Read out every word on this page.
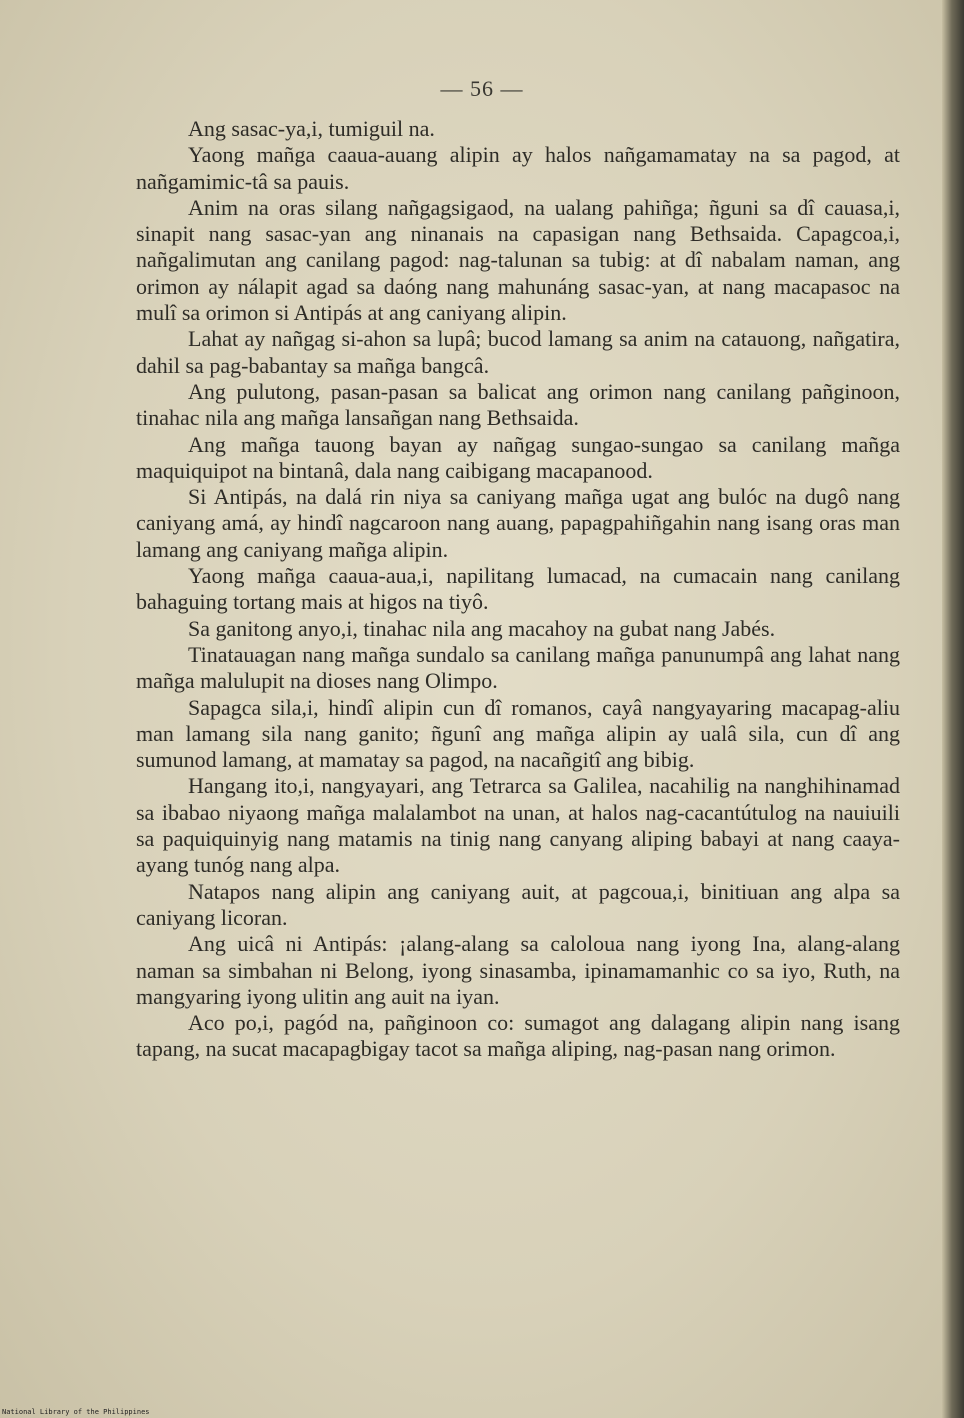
— 56 —

Ang sasac-ya,i, tumiguil na.

Yaong mañga caaua-auang alipin ay halos nañgamamatay na sa pagod, at nañgamimic-tâ sa pauis.

Anim na oras silang nañgagsigaod, na ualang pahiñga; ñguni sa dî cauasa,i, sinapit nang sasac-yan ang ninanais na capasigan nang Bethsaida. Capagcoa,i, nañgalimutan ang canilang pagod: nag-talunan sa tubig: at dî nabalam naman, ang orimon ay nálapit agad sa daóng nang mahunáng sasac-yan, at nang macapasoc na mulî sa orimon si Antipás at ang caniyang alipin.

Lahat ay nañgag si-ahon sa lupâ; bucod lamang sa anim na catauong, nañgatira, dahil sa pag-babantay sa mañga bangcâ.

Ang pulutong, pasan-pasan sa balicat ang orimon nang canilang pañginoon, tinahac nila ang mañga lansañgan nang Bethsaida.

Ang mañga tauong bayan ay nañgag sungao-sungao sa canilang mañga maquiquipot na bintanâ, dala nang caibigang macapanood.

Si Antipás, na dalá rin niya sa caniyang mañga ugat ang bulóc na dugô nang caniyang amá, ay hindî nagcaroon nang auang, papagpahiñgahin nang isang oras man lamang ang caniyang mañga alipin.

Yaong mañga caaua-aua,i, napilitang lumacad, na cumacain nang canilang bahaguing tortang mais at higos na tiyô.

Sa ganitong anyo,i, tinahac nila ang macahoy na gubat nang Jabés.

Tinatauagan nang mañga sundalo sa canilang mañga panunumpâ ang lahat nang mañga malulupit na dioses nang Olimpo.

Sapagca sila,i, hindî alipin cun dî romanos, cayâ nangyayaring macapag-aliu man lamang sila nang ganito; ñgunî ang mañga alipin ay ualâ sila, cun dî ang sumunod lamang, at mamatay sa pagod, na nacañgitî ang bibig.

Hangang ito,i, nangyayari, ang Tetrarca sa Galilea, nacahilig na nanghihinamad sa ibabao niyaong mañga malalambot na unan, at halos nag-cacantútulog na nauiuili sa paquiquinyig nang matamis na tinig nang canyang aliping babayi at nang caaya-ayang tunóg nang alpa.

Natapos nang alipin ang caniyang auit, at pagcoua,i, binitiuan ang alpa sa caniyang licoran.

Ang uicâ ni Antipás: ¡alang-alang sa caloloua nang iyong Ina, alang-alang naman sa simbahan ni Belong, iyong sinasamba, ipinamamanhic co sa iyo, Ruth, na mangyaring iyong ulitin ang auit na iyan.

Aco po,i, pagód na, pañginoon co: sumagot ang dalagang alipin nang isang tapang, na sucat macapagbigay tacot sa mañga aliping, nag-pasan nang orimon.

National Library of the Philippines
